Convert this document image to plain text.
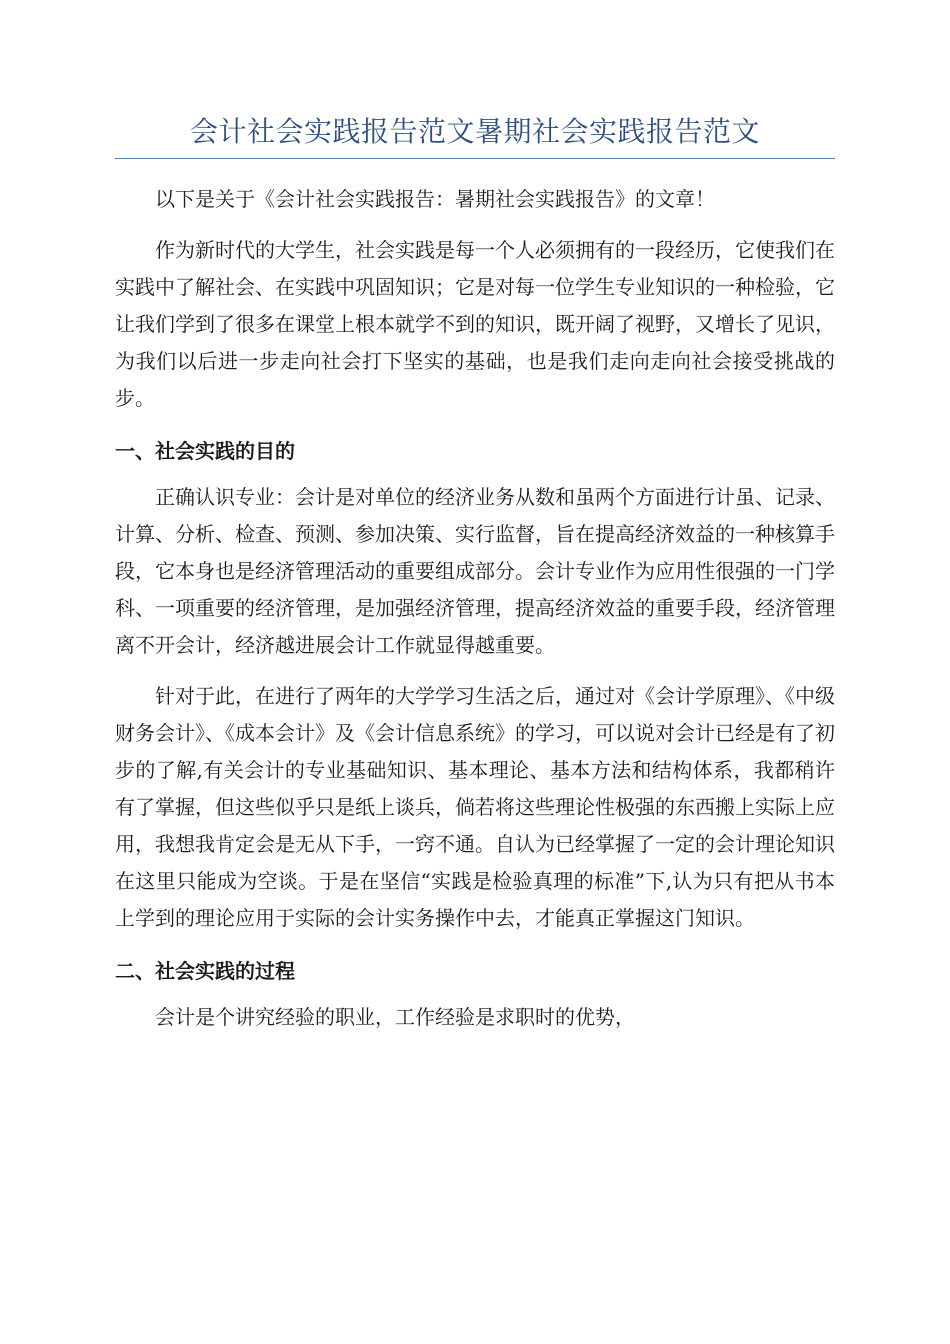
会计社会实践报告范文暑期社会实践报告范文

以下是关于《会计社会实践报告：暑期社会实践报告》的文章！

作为新时代的大学生，社会实践是每一个人必须拥有的一段经历，它使我们在实践中了解社会、在实践中巩固知识；它是对每一位学生专业知识的一种检验，它让我们学到了很多在课堂上根本就学不到的知识，既开阔了视野，又增长了见识，为我们以后进一步走向社会打下坚实的基础，也是我们走向走向社会接受挑战的步。

一、社会实践的目的

正确认识专业：会计是对单位的经济业务从数和虽两个方面进行计虽、记录、计算、分析、检查、预测、参加决策、实行监督，旨在提高经济效益的一种核算手段，它本身也是经济管理活动的重要组成部分。会计专业作为应用性很强的一门学科、一项重要的经济管理，是加强经济管理，提高经济效益的重要手段，经济管理离不开会计，经济越进展会计工作就显得越重要。

针对于此，在进行了两年的大学学习生活之后，通过对《会计学原理》、《中级财务会计》、《成本会计》及《会计信息系统》的学习，可以说对会计已经是有了初步的了解,有关会计的专业基础知识、基本理论、基本方法和结构体系，我都稍许有了掌握，但这些似乎只是纸上谈兵，倘若将这些理论性极强的东西搬上实际上应用，我想我肯定会是无从下手，一窍不通。自认为已经掌握了一定的会计理论知识在这里只能成为空谈。于是在坚信“实践是检验真理的标准”下,认为只有把从书本上学到的理论应用于实际的会计实务操作中去，才能真正掌握这门知识。

二、社会实践的过程

会计是个讲究经验的职业，工作经验是求职时的优势，
